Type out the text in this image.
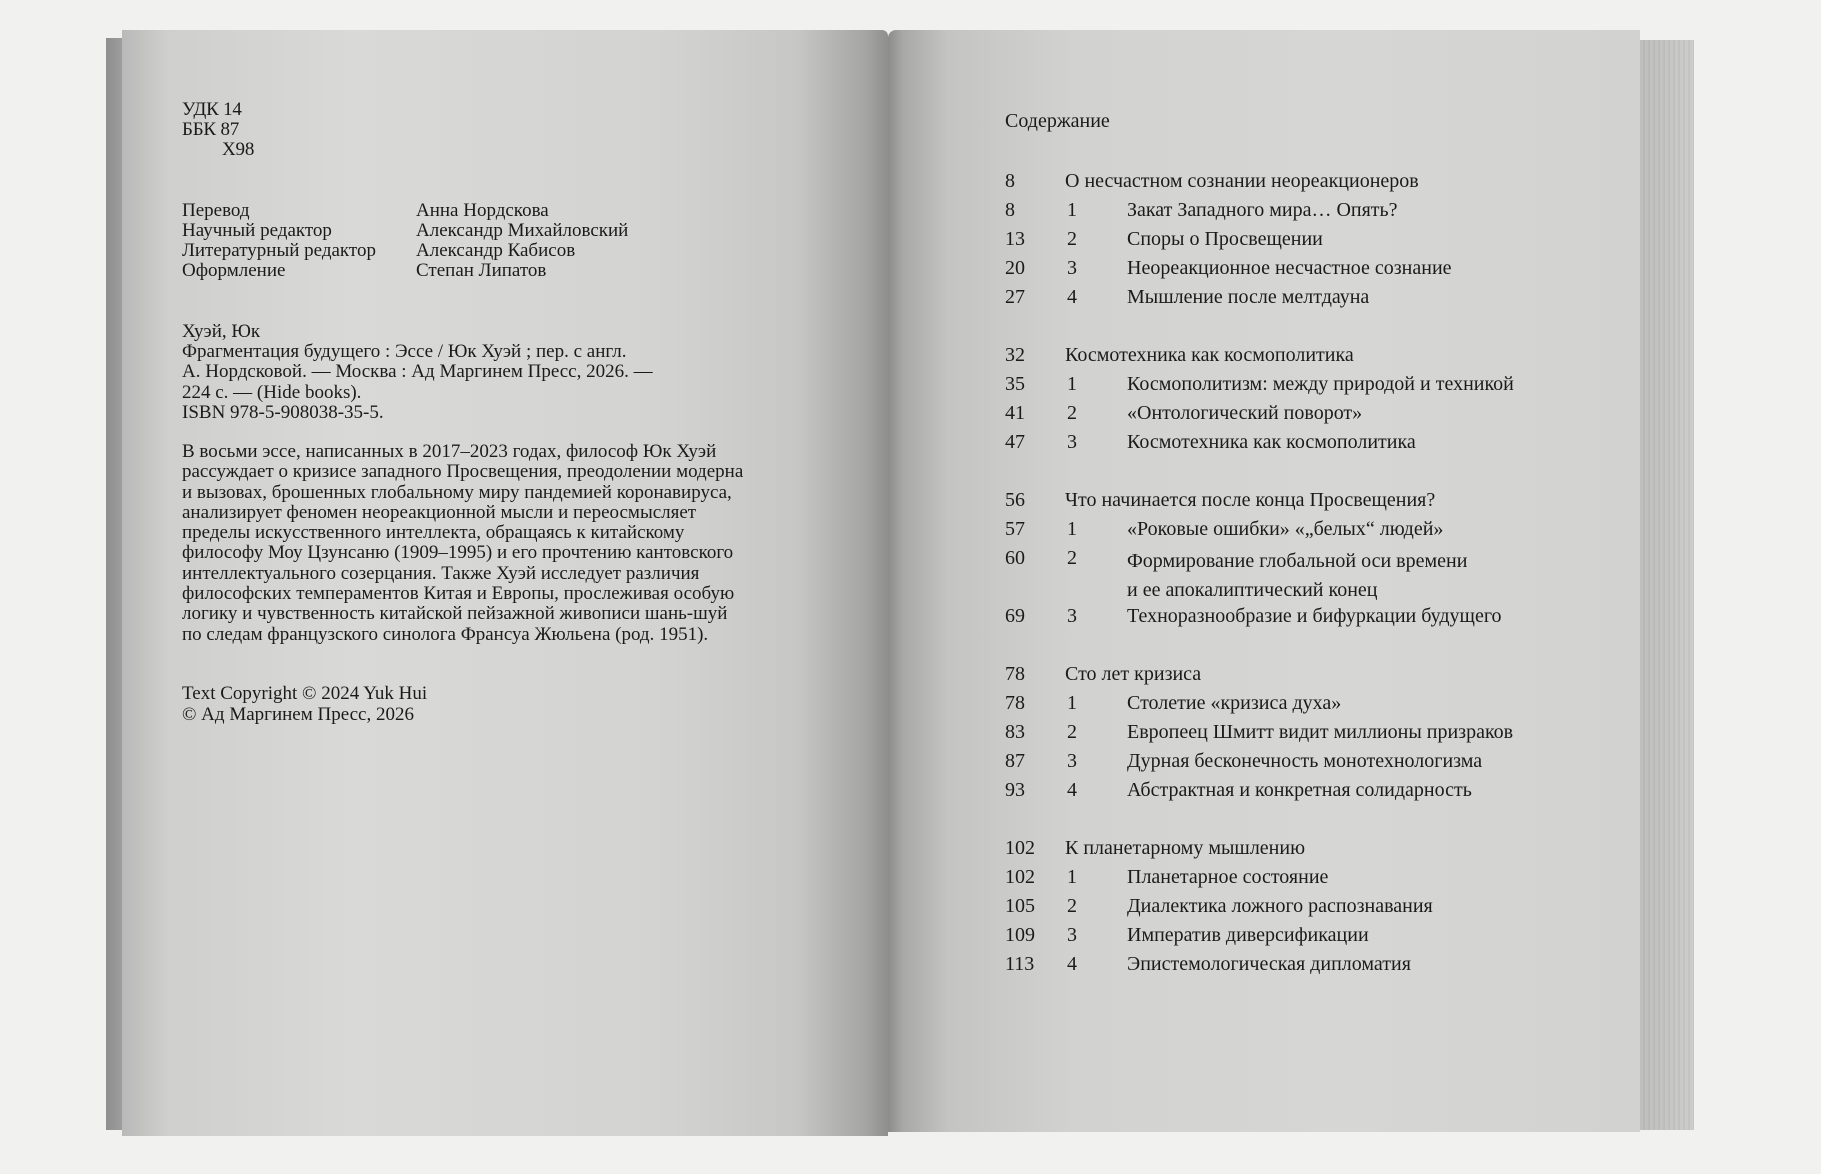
УДК 14
ББК 87
Х98
Перевод	Анна Нордскова
Научный редактор	Александр Михайловский
Литературный редактор	Александр Кабисов
Оформление	Степан Липатов
Хуэй, Юк
Фрагментация будущего : Эссе / Юк Хуэй ; пер. с англ.
А. Нордсковой. — Москва : Ад Маргинем Пресс, 2026. —
224 с. — (Hide books).
ISBN 978-5-908038-35-5.
В восьми эссе, написанных в 2017–2023 годах, философ Юк Хуэй
рассуждает о кризисе западного Просвещения, преодолении модерна
и вызовах, брошенных глобальному миру пандемией коронавируса,
анализирует феномен неореакционной мысли и переосмысляет
пределы искусственного интеллекта, обращаясь к китайскому
философу Моу Цзунсаню (1909–1995) и его прочтению кантовского
интеллектуального созерцания. Также Хуэй исследует различия
философских темпераментов Китая и Европы, прослеживая особую
логику и чувственность китайской пейзажной живописи шань-шуй
по следам французского синолога Франсуа Жюльена (род. 1951).
Text Copyright © 2024 Yuk Hui
© Ад Маргинем Пресс, 2026
Содержание
8	О несчастном сознании неореакционеров
8	1	Закат Западного мира… Опять?
13 2	Споры о Просвещении
20 3	Неореакционное несчастное сознание
27 4	Мышление после мелтдауна
32 Космотехника как космополитика
35 1	Космополитизм: между природой и техникой
41 2	«Онтологический поворот»
47 3	Космотехника как космополитика
56 Что начинается после конца Просвещения?
57 1	«Роковые ошибки» «„белых“ людей»
60 2	Формирование глобальной оси времени
и ее апокалиптический конец
69 3	Техноразнообразие и бифуркации будущего
78 Сто лет кризиса
78 1	Столетие «кризиса духа»
83 2	Европеец Шмитт видит миллионы призраков
87 3	Дурная бесконечность монотехнологизма
93 4	Абстрактная и конкретная солидарность
102 К планетарному мышлению
102 1	Планетарное состояние
105 2	Диалектика ложного распознавания
109 3	Императив диверсификации
113 4	Эпистемологическая дипломатия
